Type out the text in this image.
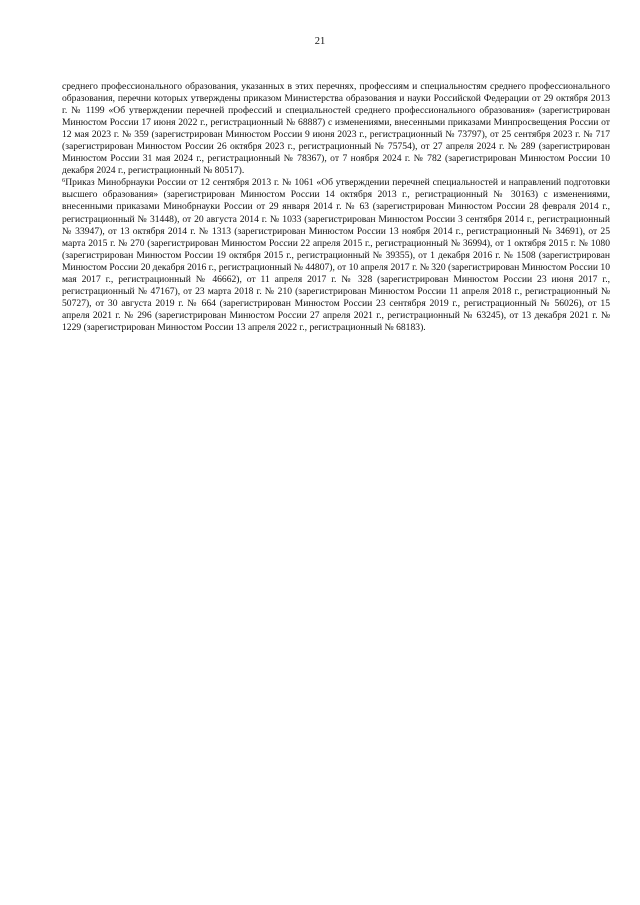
21

среднего профессионального образования, указанных в этих перечнях, профессиям и специальностям среднего профессионального образования, перечни которых утверждены приказом Министерства образования и науки Российской Федерации от 29 октября 2013 г. № 1199 «Об утверждении перечней профессий и специальностей среднего профессионального образования» (зарегистрирован Минюстом России 17 июня 2022 г., регистрационный № 68887) с изменениями, внесенными приказами Минпросвещения России от 12 мая 2023 г. № 359 (зарегистрирован Минюстом России 9 июня 2023 г., регистрационный № 73797), от 25 сентября 2023 г. № 717 (зарегистрирован Минюстом России 26 октября 2023 г., регистрационный № 75754), от 27 апреля 2024 г. № 289 (зарегистрирован Минюстом России 31 мая 2024 г., регистрационный № 78367), от 7 ноября 2024 г. № 782 (зарегистрирован Минюстом России 10 декабря 2024 г., регистрационный № 80517).

$^6$Приказ Минобрнауки России от 12 сентября 2013 г. № 1061 «Об утверждении перечней специальностей и направлений подготовки высшего образования» (зарегистрирован Минюстом России 14 октября 2013 г., регистрационный № 30163) с изменениями, внесенными приказами Минобрнауки России от 29 января 2014 г. № 63 (зарегистрирован Минюстом России 28 февраля 2014 г., регистрационный № 31448), от 20 августа 2014 г. № 1033 (зарегистрирован Минюстом России 3 сентября 2014 г., регистрационный № 33947), от 13 октября 2014 г. № 1313 (зарегистрирован Минюстом России 13 ноября 2014 г., регистрационный № 34691), от 25 марта 2015 г. № 270 (зарегистрирован Минюстом России 22 апреля 2015 г., регистрационный № 36994), от 1 октября 2015 г. № 1080 (зарегистрирован Минюстом России 19 октября 2015 г., регистрационный № 39355), от 1 декабря 2016 г. № 1508 (зарегистрирован Минюстом России 20 декабря 2016 г., регистрационный № 44807), от 10 апреля 2017 г. № 320 (зарегистрирован Минюстом России 10 мая 2017 г., регистрационный № 46662), от 11 апреля 2017 г. № 328 (зарегистрирован Минюстом России 23 июня 2017 г., регистрационный № 47167), от 23 марта 2018 г. № 210 (зарегистрирован Минюстом России 11 апреля 2018 г., регистрационный № 50727), от 30 августа 2019 г. № 664 (зарегистрирован Минюстом России 23 сентября 2019 г., регистрационный № 56026), от 15 апреля 2021 г. № 296 (зарегистрирован Минюстом России 27 апреля 2021 г., регистрационный № 63245), от 13 декабря 2021 г. № 1229 (зарегистрирован Минюстом России 13 апреля 2022 г., регистрационный № 68183).
